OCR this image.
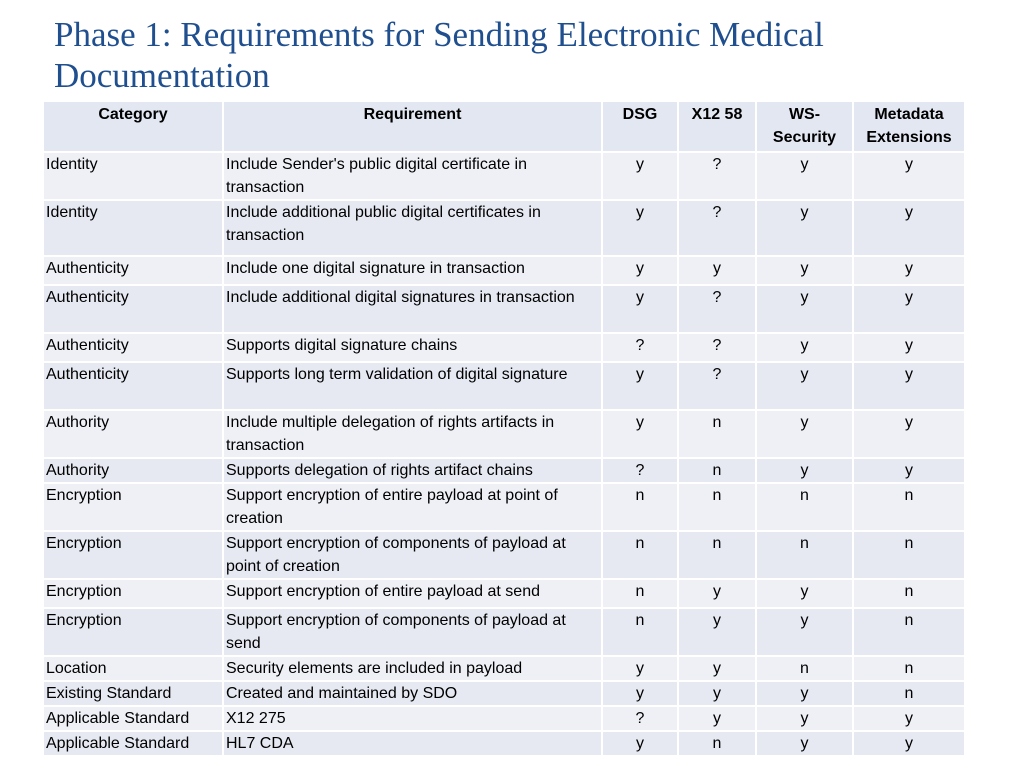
Phase 1: Requirements for Sending Electronic Medical Documentation
Category	Requirement	DSG	X12 58	WS-Security	Metadata Extensions
Identity	Include Sender's public digital certificate in transaction	y	?	y	y
Identity	Include additional public digital certificates in transaction	y	?	y	y
Authenticity	Include one digital signature in transaction	y	y	y	y
Authenticity	Include additional digital signatures in transaction	y	?	y	y
Authenticity	Supports digital signature chains	?	?	y	y
Authenticity	Supports long term validation of digital signature	y	?	y	y
Authority	Include multiple delegation of rights artifacts in transaction	y	n	y	y
Authority	Supports delegation of rights artifact chains	?	n	y	y
Encryption	Support encryption of entire payload at point of creation	n	n	n	n
Encryption	Support encryption of components of payload at point of creation	n	n	n	n
Encryption	Support encryption of entire payload at send	n	y	y	n
Encryption	Support encryption of components of payload at send	n	y	y	n
Location	Security elements are included in payload	y	y	n	n
Existing Standard	Created and maintained by SDO	y	y	y	n
Applicable Standard	X12 275	?	y	y	y
Applicable Standard	HL7 CDA	y	n	y	y
